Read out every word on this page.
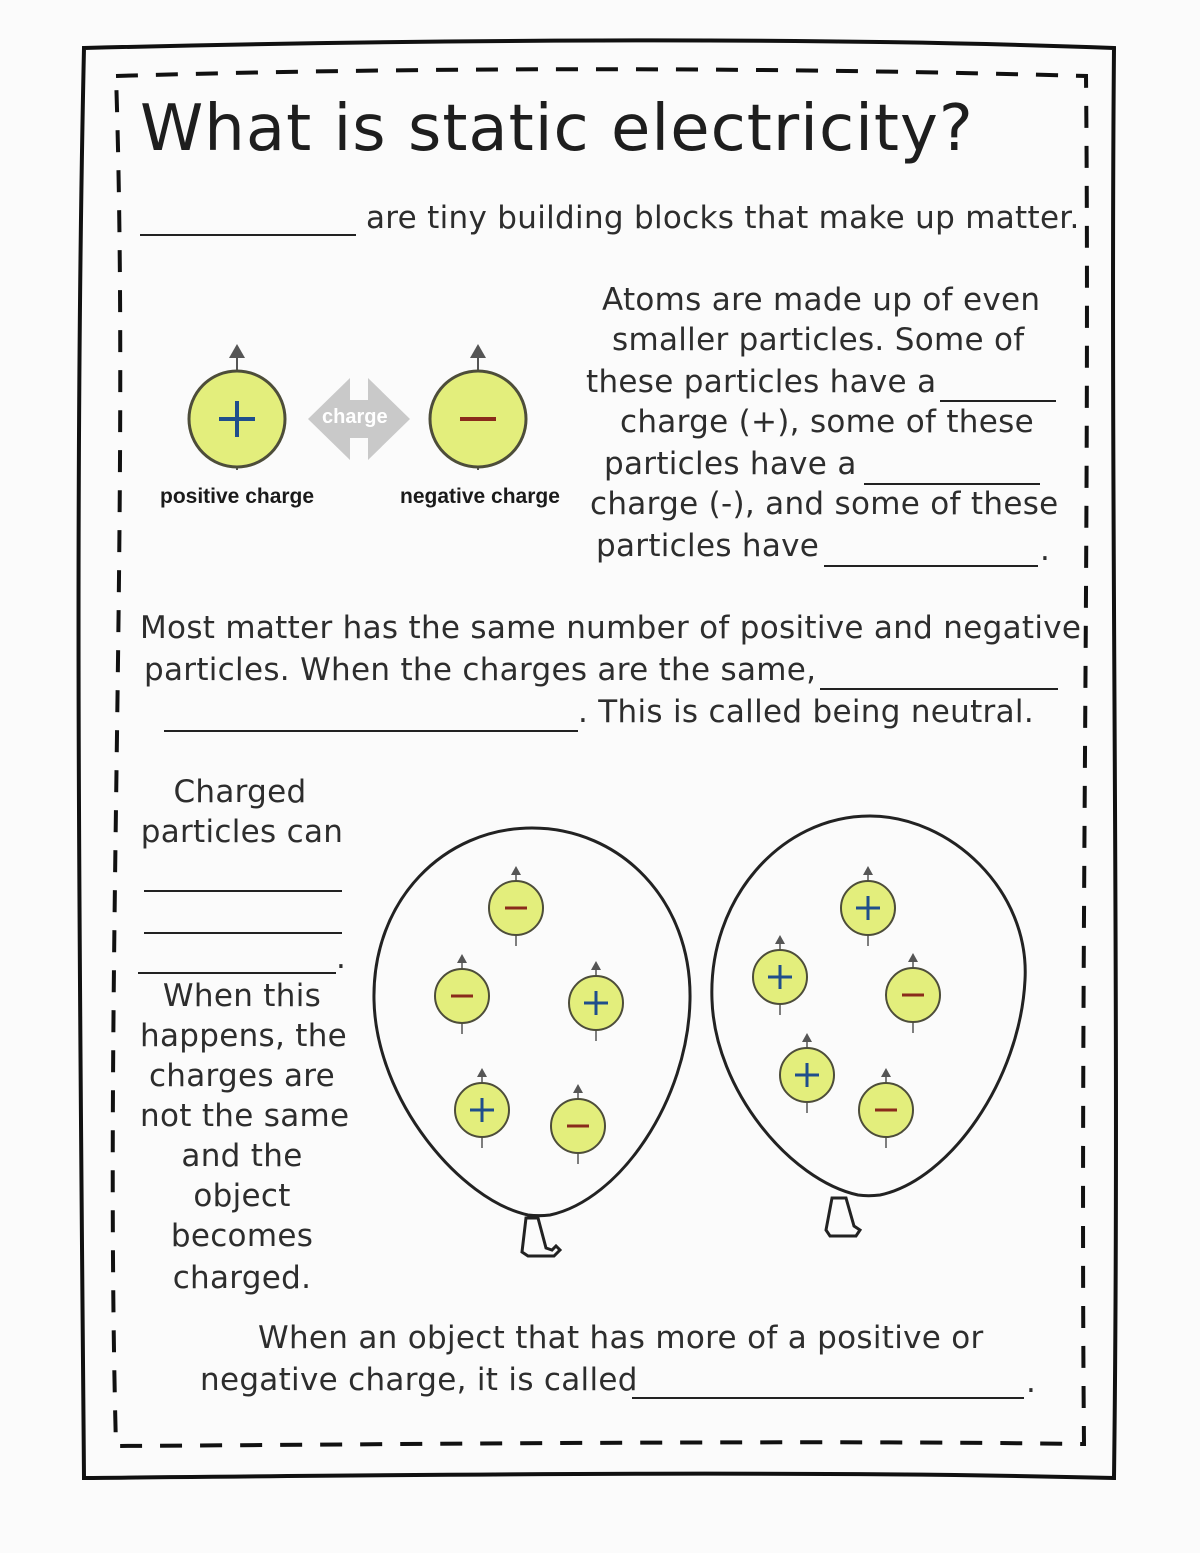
What is static electricity?
are tiny building blocks that make up matter.
charge
positive charge	negative charge
Atoms are made up of even
smaller particles. Some of
these particles have a
charge (+), some of these
particles have a
charge (-), and some of these
particles have	.
Most matter has the same number of positive and negative
particles. When the charges are the same,
. This is called being neutral.
Charged
particles can
.
When this
happens, the
charges are
not the same
and the
object
becomes
charged.
When an object that has more of a positive or
negative charge, it is called	.
